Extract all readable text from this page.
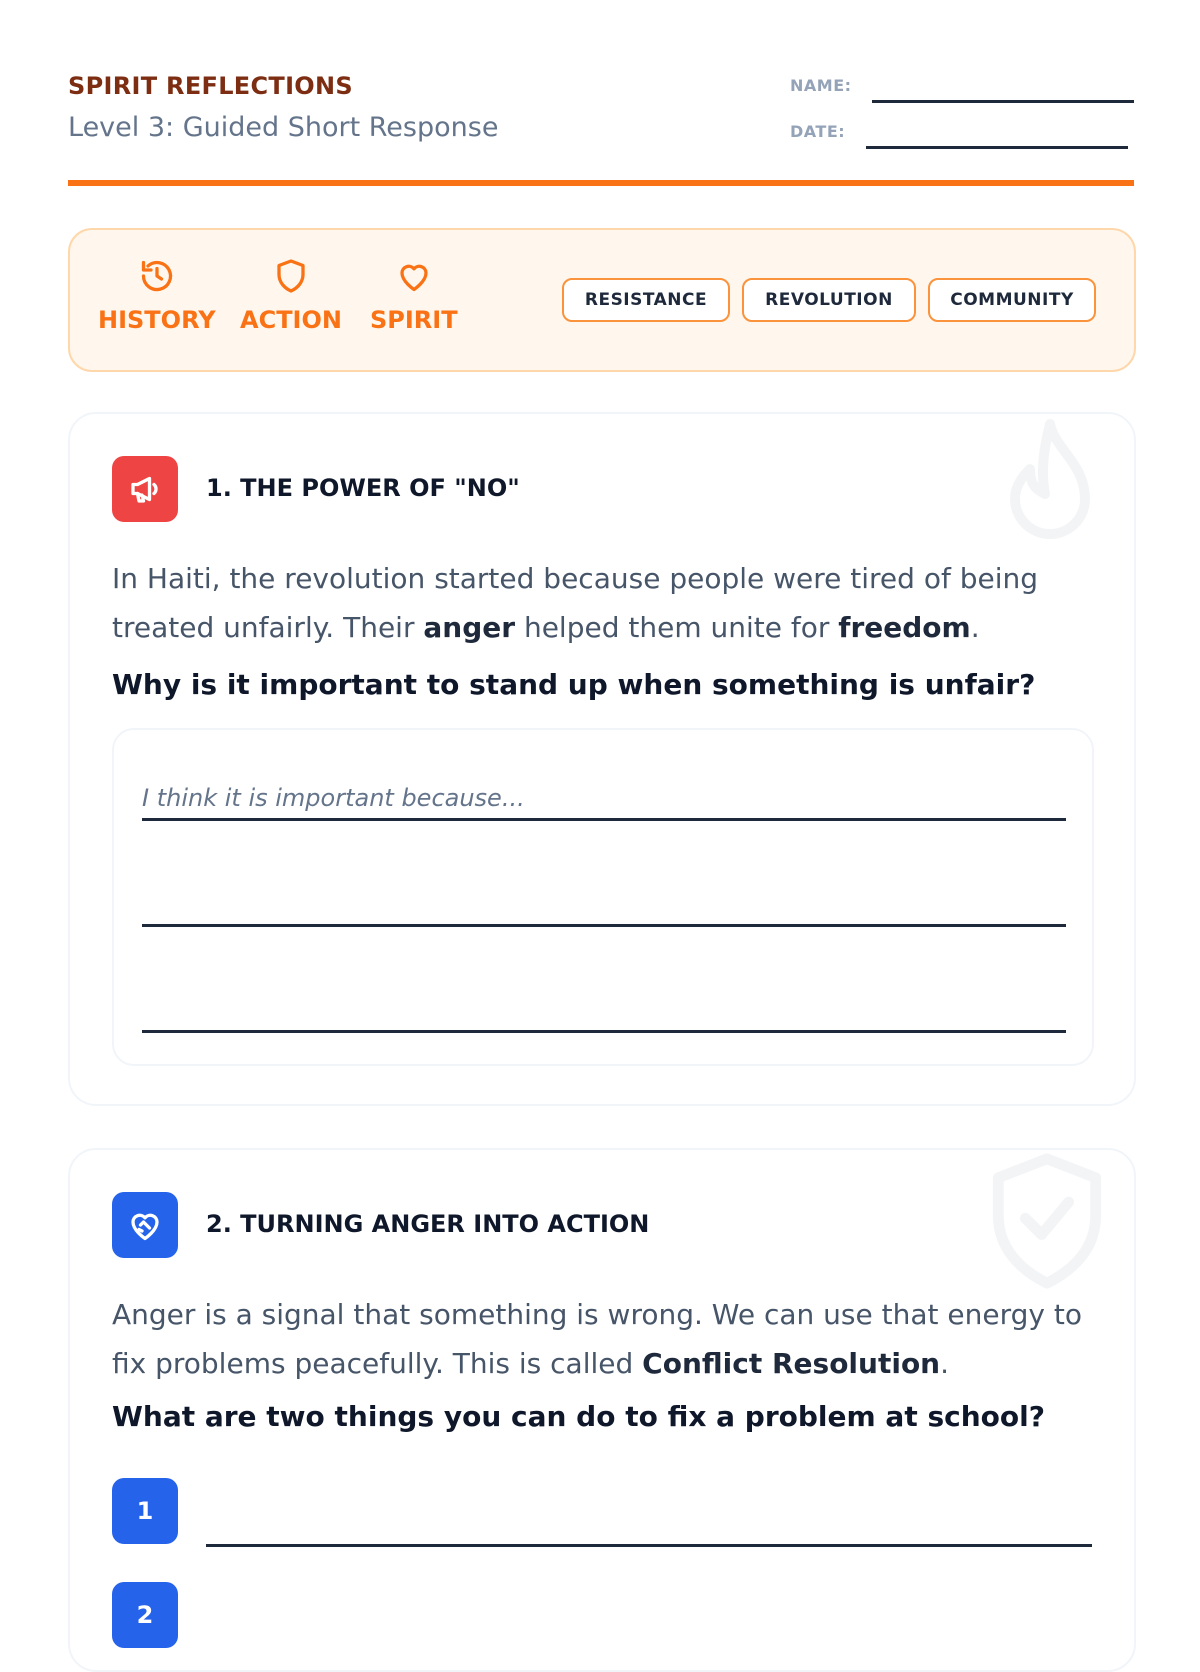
SPIRIT REFLECTIONS
Level 3: Guided Short Response
NAME:
DATE:
HISTORY ACTION SPIRIT
RESISTANCE	REVOLUTION	COMMUNITY
1. THE POWER OF "NO"
In Haiti, the revolution started because people were tired of being treated unfairly. Their anger helped them unite for freedom.
Why is it important to stand up when something is unfair?
I think it is important because...
2. TURNING ANGER INTO ACTION
Anger is a signal that something is wrong. We can use that energy to fix problems peacefully. This is called Conflict Resolution.
What are two things you can do to fix a problem at school?
1
2
